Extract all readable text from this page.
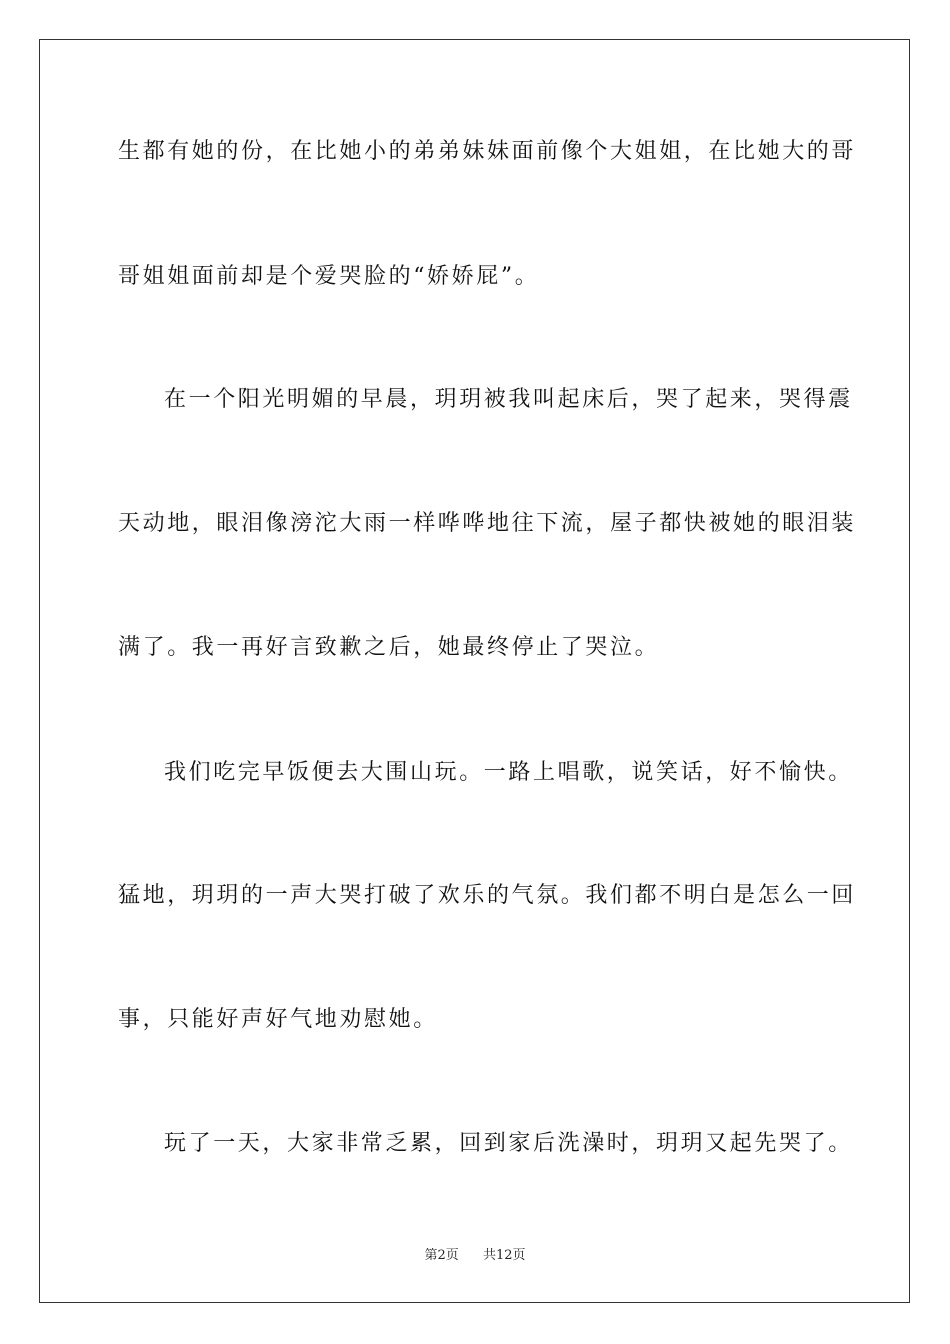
生都有她的份，在比她小的弟弟妹妹面前像个大姐姐，在比她大的哥
哥姐姐面前却是个爱哭脸的“娇娇屁”。
在一个阳光明媚的早晨，玥玥被我叫起床后，哭了起来，哭得震
天动地，眼泪像滂沱大雨一样哗哗地往下流，屋子都快被她的眼泪装
满了。我一再好言致歉之后，她最终停止了哭泣。
我们吃完早饭便去大围山玩。一路上唱歌，说笑话，好不愉快。
猛地，玥玥的一声大哭打破了欢乐的气氛。我们都不明白是怎么一回
事，只能好声好气地劝慰她。
玩了一天，大家非常乏累，回到家后洗澡时，玥玥又起先哭了。
第2页 共12页
